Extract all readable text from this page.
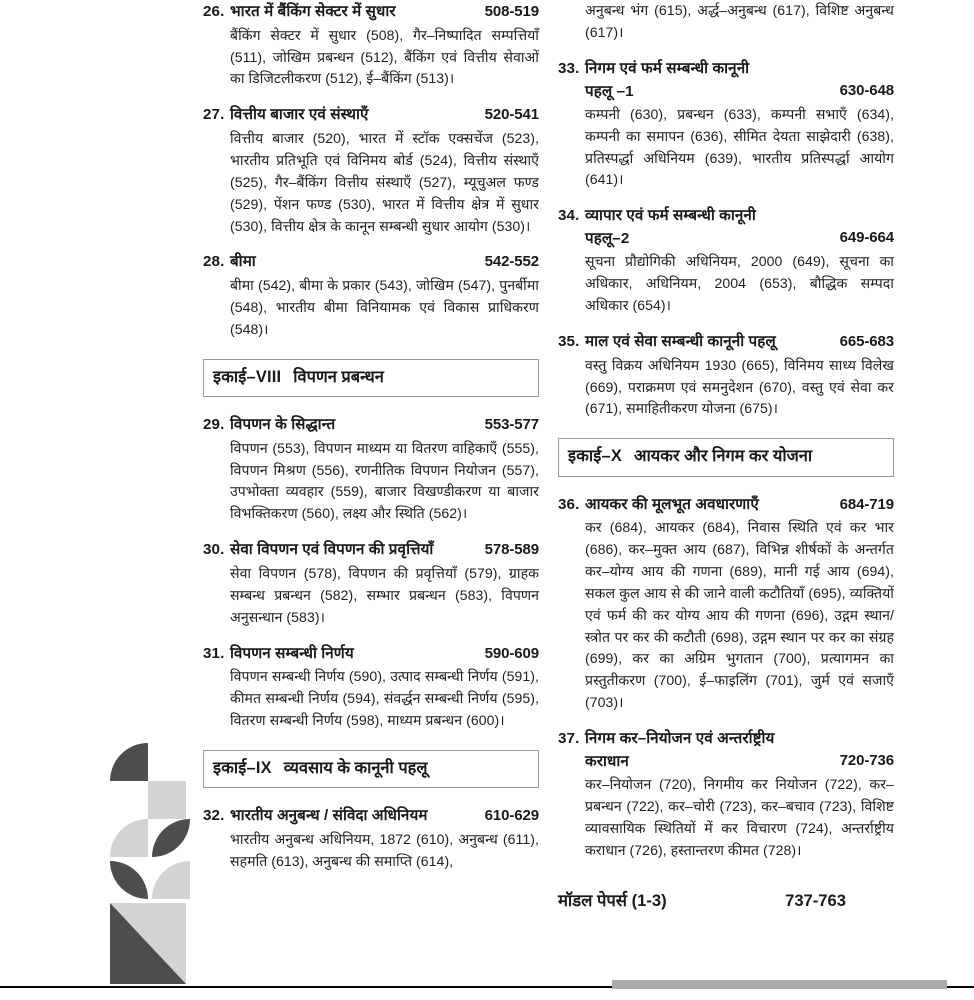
26. भारत में बैंकिंग सेक्टर में सुधार	508-519
बैंकिंग सेक्टर में सुधार (508), गैर–निष्पादित सम्पत्तियाँ (511), जोखिम प्रबन्धन (512), बैंकिंग एवं वित्तीय सेवाओं का डिजिटलीकरण (512), ई–बैंकिंग (513)।
27. वित्तीय बाजार एवं संस्थाएँ	520-541
वित्तीय बाजार (520), भारत में स्टॉक एक्सचेंज (523), भारतीय प्रतिभूति एवं विनिमय बोर्ड (524), वित्तीय संस्थाएँ (525), गैर–बैंकिंग वित्तीय संस्थाएँ (527), म्यूचुअल फण्ड (529), पेंशन फण्ड (530), भारत में वित्तीय क्षेत्र में सुधार (530), वित्तीय क्षेत्र के कानून सम्बन्धी सुधार आयोग (530)।
28. बीमा	542-552
बीमा (542), बीमा के प्रकार (543), जोखिम (547), पुनर्बीमा (548), भारतीय बीमा विनियामक एवं विकास प्राधिकरण (548)।
इकाई–VIII विपणन प्रबन्धन
29. विपणन के सिद्धान्त	553-577
विपणन (553), विपणन माध्यम या वितरण वाहिकाएँ (555), विपणन मिश्रण (556), रणनीतिक विपणन नियोजन (557), उपभोक्ता व्यवहार (559), बाजार विखण्डीकरण या बाजार विभक्तिकरण (560), लक्ष्य और स्थिति (562)।
30. सेवा विपणन एवं विपणन की प्रवृत्तियाँ	578-589
सेवा विपणन (578), विपणन की प्रवृत्तियाँ (579), ग्राहक सम्बन्ध प्रबन्धन (582), सम्भार प्रबन्धन (583), विपणन अनुसन्धान (583)।
31. विपणन सम्बन्धी निर्णय	590-609
विपणन सम्बन्धी निर्णय (590), उत्पाद सम्बन्धी निर्णय (591), कीमत सम्बन्धी निर्णय (594), संवर्द्धन सम्बन्धी निर्णय (595), वितरण सम्बन्धी निर्णय (598), माध्यम प्रबन्धन (600)।
इकाई–IX व्यवसाय के कानूनी पहलू
32. भारतीय अनुबन्ध / संविदा अधिनियम	610-629
भारतीय अनुबन्ध अधिनियम, 1872 (610), अनुबन्ध (611), सहमति (613), अनुबन्ध की समाप्ति (614),
अनुबन्ध भंग (615), अर्द्ध–अनुबन्ध (617), विशिष्ट अनुबन्ध (617)।
33. निगम एवं फर्म सम्बन्धी कानूनी
पहलू –1	630-648
कम्पनी (630), प्रबन्धन (633), कम्पनी सभाएँ (634), कम्पनी का समापन (636), सीमित देयता साझेदारी (638), प्रतिस्पर्द्धा अधिनियम (639), भारतीय प्रतिस्पर्द्धा आयोग (641)।
34. व्यापार एवं फर्म सम्बन्धी कानूनी
पहलू–2	649-664
सूचना प्रौद्योगिकी अधिनियम, 2000 (649), सूचना का अधिकार, अधिनियम, 2004 (653), बौद्धिक सम्पदा अधिकार (654)।
35. माल एवं सेवा सम्बन्धी कानूनी पहलू	665-683
वस्तु विक्रय अधिनियम 1930 (665), विनिमय साध्य विलेख (669), पराक्रमण एवं समनुदेशन (670), वस्तु एवं सेवा कर (671), समाहितीकरण योजना (675)।
इकाई–X आयकर और निगम कर योजना
36. आयकर की मूलभूत अवधारणाएँ	684-719
कर (684), आयकर (684), निवास स्थिति एवं कर भार (686), कर–मुक्त आय (687), विभिन्न शीर्षकों के अन्तर्गत कर–योग्य आय की गणना (689), मानी गई आय (694), सकल कुल आय से की जाने वाली कटौतियाँ (695), व्यक्तियों एवं फर्म की कर योग्य आय की गणना (696), उद्गम स्थान/स्त्रोत पर कर की कटौती (698), उद्गम स्थान पर कर का संग्रह (699), कर का अग्रिम भुगतान (700), प्रत्यागमन का प्रस्तुतीकरण (700), ई–फाइलिंग (701), जुर्म एवं सजाएँ (703)।
37. निगम कर–नियोजन एवं अन्तर्राष्ट्रीय
कराधान	720-736
कर–नियोजन (720), निगमीय कर नियोजन (722), कर–प्रबन्धन (722), कर–चोरी (723), कर–बचाव (723), विशिष्ट व्यावसायिक स्थितियों में कर विचारण (724), अन्तर्राष्ट्रीय कराधान (726), हस्तान्तरण कीमत (728)।
मॉडल पेपर्स (1-3)	737-763
